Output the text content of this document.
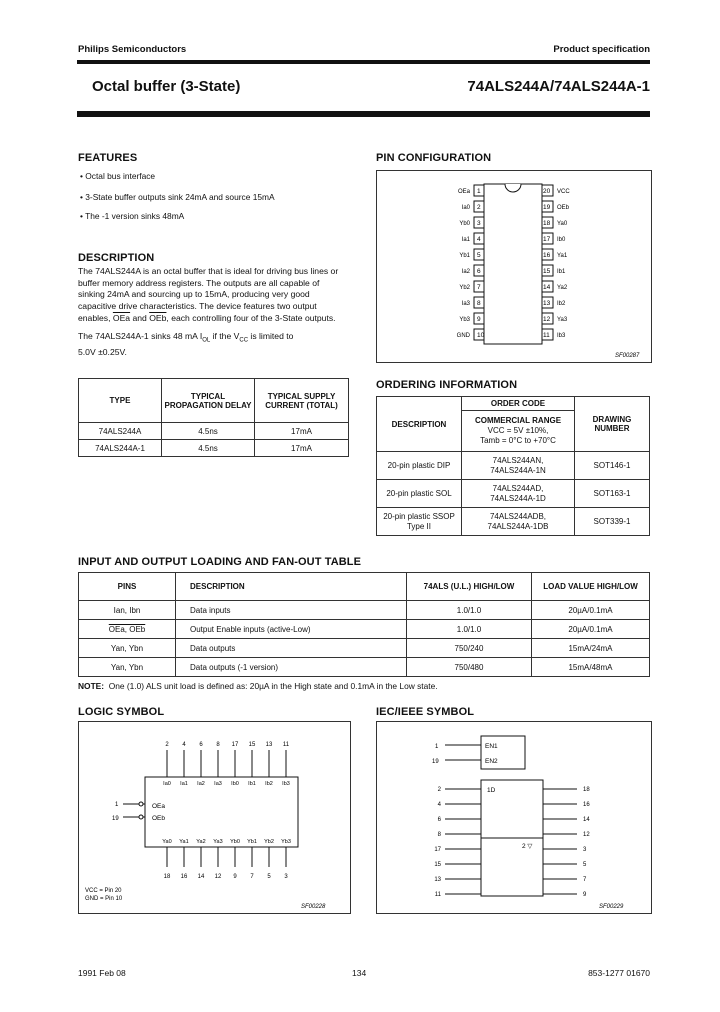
Philips Semiconductors	Product specification
Octal buffer (3-State)	74ALS244A/74ALS244A-1
FEATURES
• Octal bus interface
• 3-State buffer outputs sink 24mA and source 15mA
• The -1 version sinks 48mA
DESCRIPTION
The 74ALS244A is an octal buffer that is ideal for driving bus lines or
buffer memory address registers. The outputs are all capable of
sinking 24mA and sourcing up to 15mA, producing very good
capacitive drive characteristics. The device features two output
enables, $\overline{OEa}$ and $\overline{OEb}$, each controlling four of the 3-State outputs.
The 74ALS244A-1 sinks 48 mA $I_{OL}$ if the $V_{CC}$ is limited to
5.0V ±0.25V.
TYPE	TYPICAL PROPAGATION DELAY	TYPICAL SUPPLY CURRENT (TOTAL)
74ALS244A	4.5ns	17mA
74ALS244A-1	4.5ns	17mA
PIN CONFIGURATION
1
OEa
2
Ia0
3
Yb0
4
Ia1
5
Yb1
6
Ia2
7
Yb2
8
Ia3
9
Yb3
10
GND
20 VCC
19 OEb
18 Ya0
17 Ib0
16 Ya1
15 Ib1
14 Ya2
13 Ib2
12 Ya3
11 Ib3
SF00287
ORDERING INFORMATION
DESCRIPTION	ORDER CODE	DRAWING NUMBER

	COMMERCIAL RANGE
VCC = 5V ±10%,
Tamb = 0°C to +70°C	

20-pin plastic DIP	74ALS244AN,
74ALS244A-1N	SOT146-1
20-pin plastic SOL	74ALS244AD,
74ALS244A-1D	SOT163-1
20-pin plastic SSOP Type II	74ALS244ADB,
74ALS244A-1DB	SOT339-1
INPUT AND OUTPUT LOADING AND FAN-OUT TABLE
PINS	DESCRIPTION	74ALS (U.L.) HIGH/LOW	LOAD VALUE HIGH/LOW
Ian, Ibn	Data inputs	1.0/1.0	20µA/0.1mA
OEa, OEb	Output Enable inputs (active-Low)	1.0/1.0	20µA/0.1mA
Yan, Ybn	Data outputs	750/240	15mA/24mA
Yan, Ybn	Data outputs (-1 version)	750/480	15mA/48mA
NOTE: One (1.0) ALS unit load is defined as: 20µA in the High state and 0.1mA in the Low state.
LOGIC SYMBOL
OEa
OEb
1
19
VCC = Pin 20
GND = Pin 10
SF00228
2
Ia0
Ya0
18
4
Ia1
Ya1
16
6
Ia2
Ya2
14
8
Ia3
Ya3
12
17
Ib0
Yb0
9
15
Ib1
Yb1
7
13
Ib2
Yb2
5
11
Ib3
Yb3
3
IEC/IEEE SYMBOL
EN1
EN2
1
19
1D
2 ▽
SF00229
2
4
6
8
17
15
13
11
18
16
14
12
3
5
7
9
1991 Feb 08	134	853-1277 01670
